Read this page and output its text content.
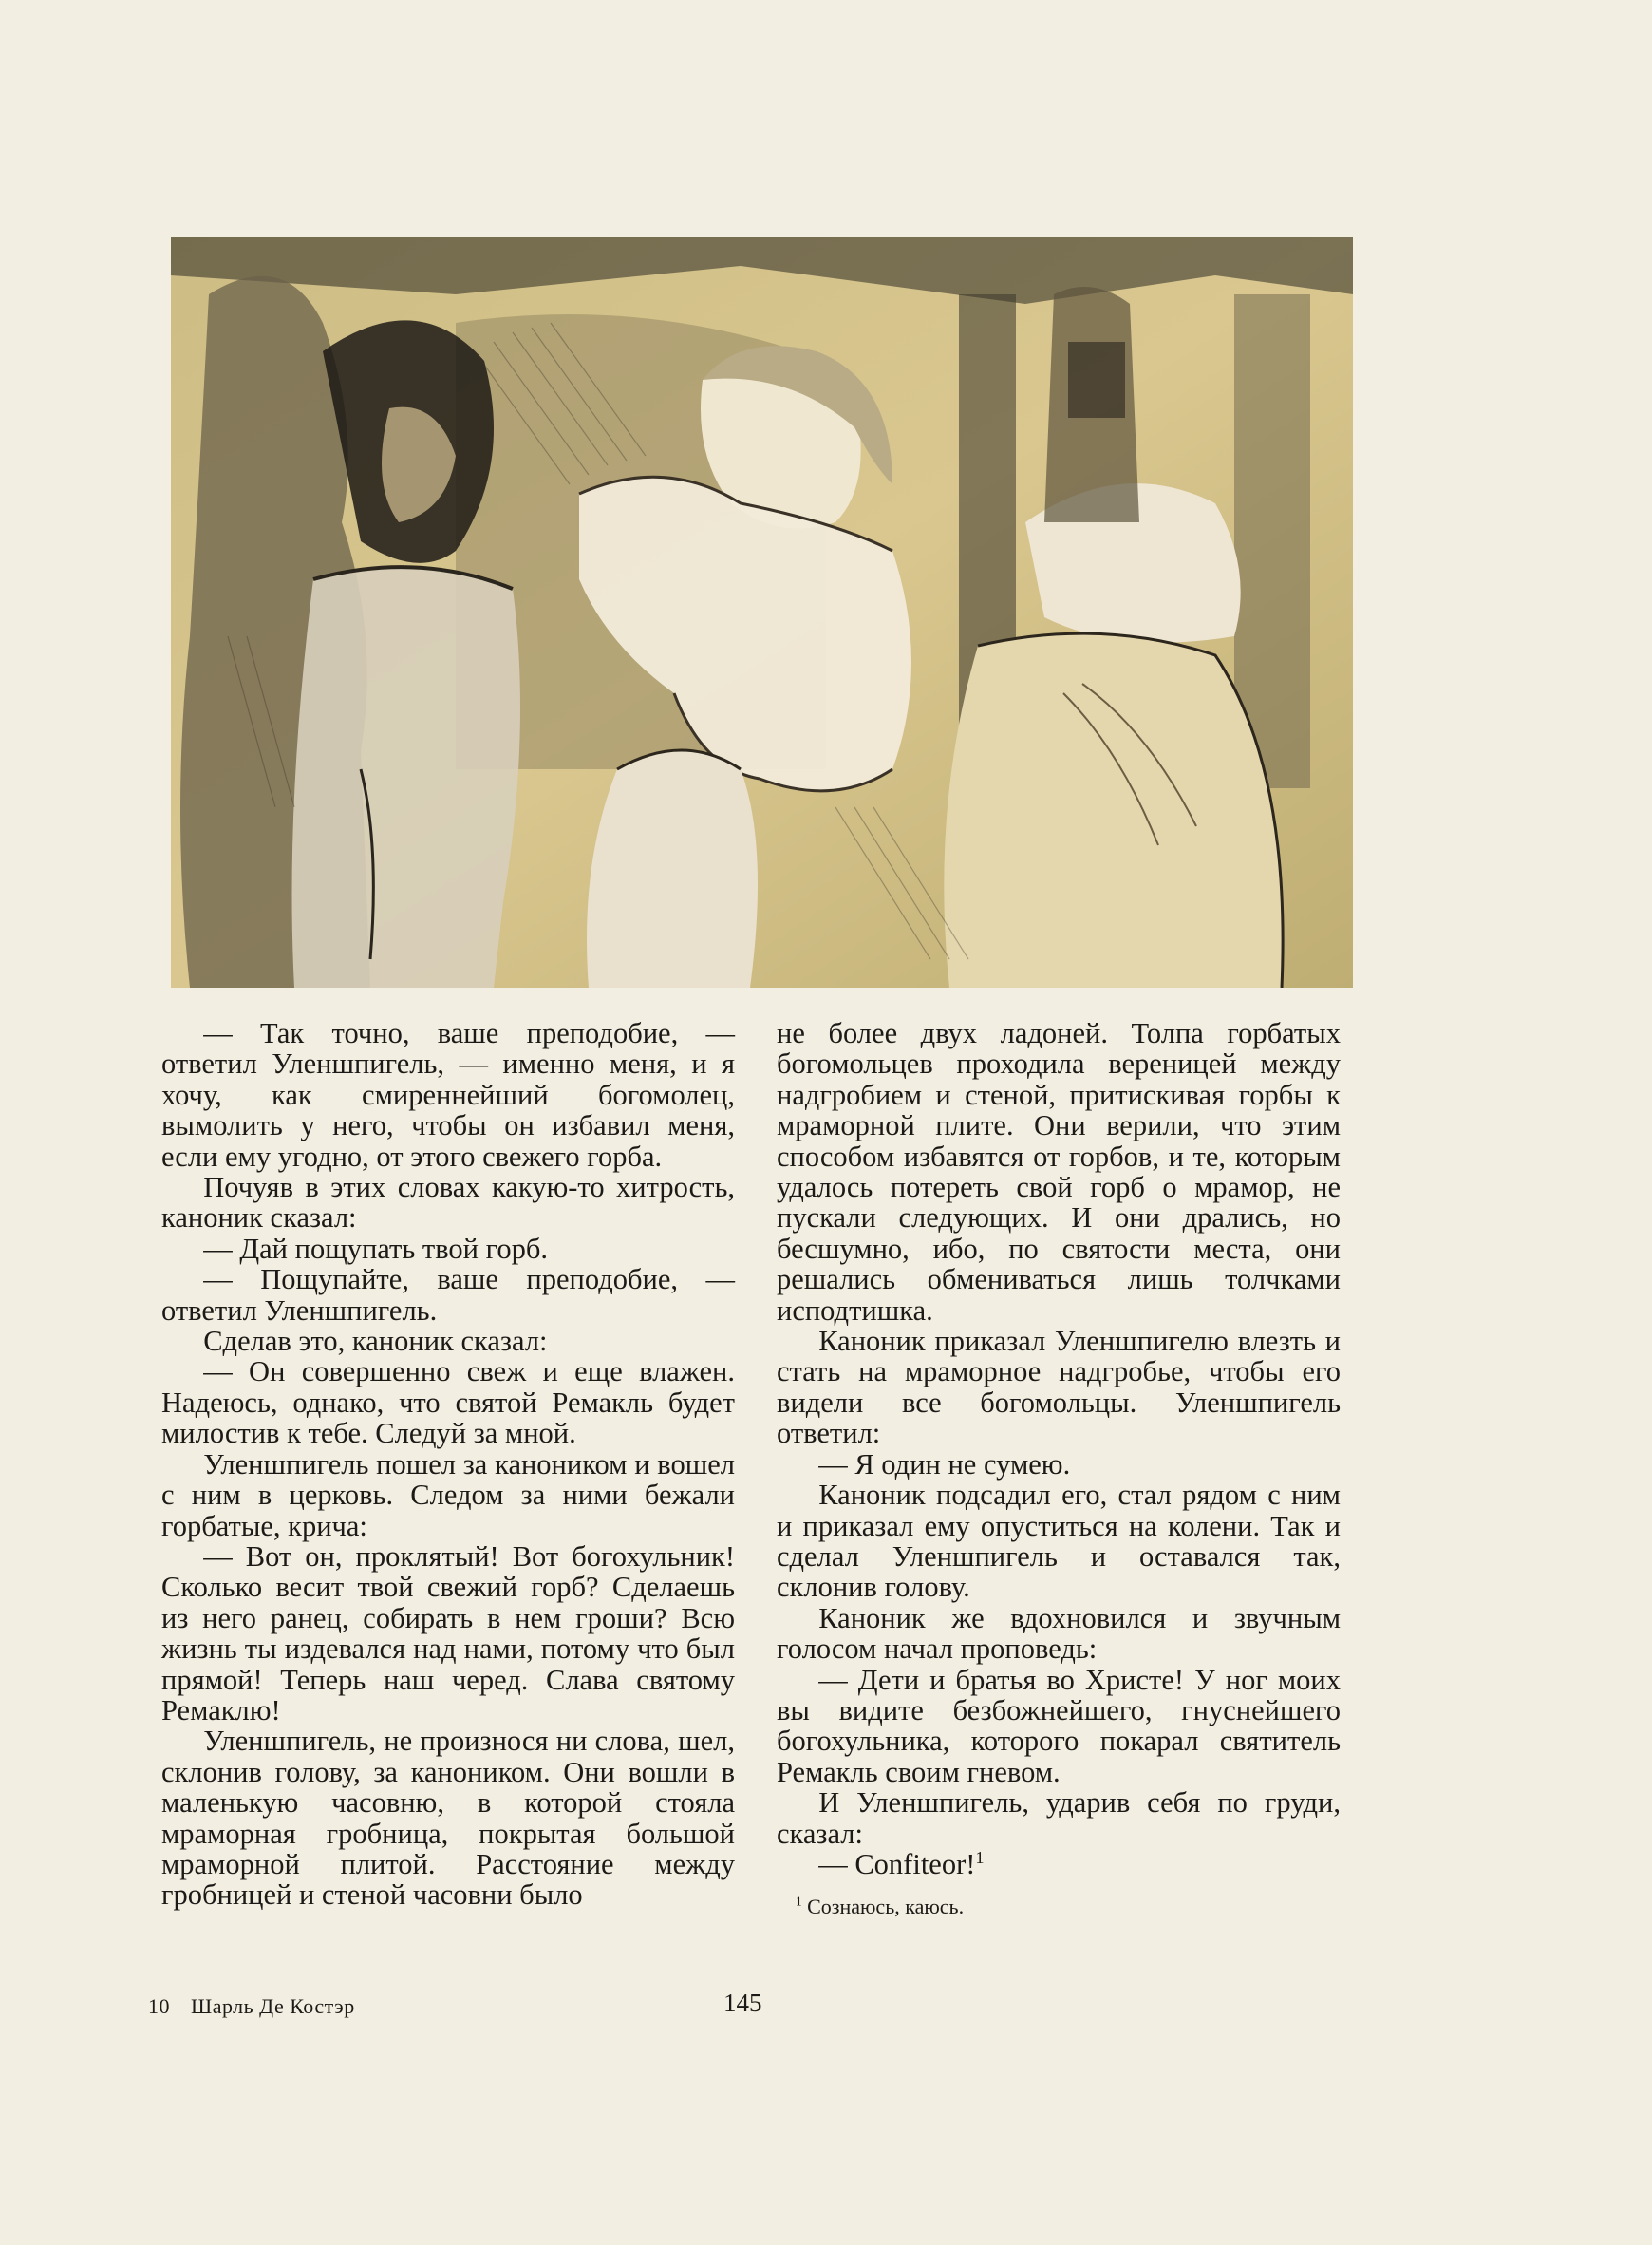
— Так точно, ваше преподобие, — ответил Уленшпигель, — именно меня, и я хочу, как смиреннейший богомолец, вымолить у него, чтобы он избавил меня, если ему угодно, от этого свежего горба.

Почуяв в этих словах какую-то хитрость, каноник сказал:

— Дай пощупать твой горб.

— Пощупайте, ваше преподобие, — ответил Уленшпигель.

Сделав это, каноник сказал:

— Он совершенно свеж и еще влажен. Надеюсь, однако, что святой Ремакль будет милостив к тебе. Следуй за мной.

Уленшпигель пошел за каноником и вошел с ним в церковь. Следом за ними бежали горбатые, крича:

— Вот он, проклятый! Вот богохульник! Сколько весит твой свежий горб? Сделаешь из него ранец, собирать в нем гроши? Всю жизнь ты издевался над нами, потому что был прямой! Теперь наш черед. Слава святому Ремаклю!

Уленшпигель, не произнося ни слова, шел, склонив голову, за каноником. Они вошли в маленькую часовню, в которой стояла мраморная гробница, покрытая большой мраморной плитой. Расстояние между гробницей и стеной часовни было

не более двух ладоней. Толпа горбатых богомольцев проходила вереницей между надгробием и стеной, притискивая горбы к мраморной плите. Они верили, что этим способом избавятся от горбов, и те, которым удалось потереть свой горб о мрамор, не пускали следующих. И они дрались, но бесшумно, ибо, по святости места, они решались обмениваться лишь толчками исподтишка.

Каноник приказал Уленшпигелю влезть и стать на мраморное надгробье, чтобы его видели все богомольцы. Уленшпигель ответил:

— Я один не сумею.

Каноник подсадил его, стал рядом с ним и приказал ему опуститься на колени. Так и сделал Уленшпигель и оставался так, склонив голову.

Каноник же вдохновился и звучным голосом начал проповедь:

— Дети и братья во Христе! У ног моих вы видите безбожнейшего, гнуснейшего богохульника, которого покарал святитель Ремакль своим гневом.

И Уленшпигель, ударив себя по груди, сказал:

— Confiteor!$^1$

$^1$ Сознаюсь, каюсь.
10 Шарль Де Костэр	145
